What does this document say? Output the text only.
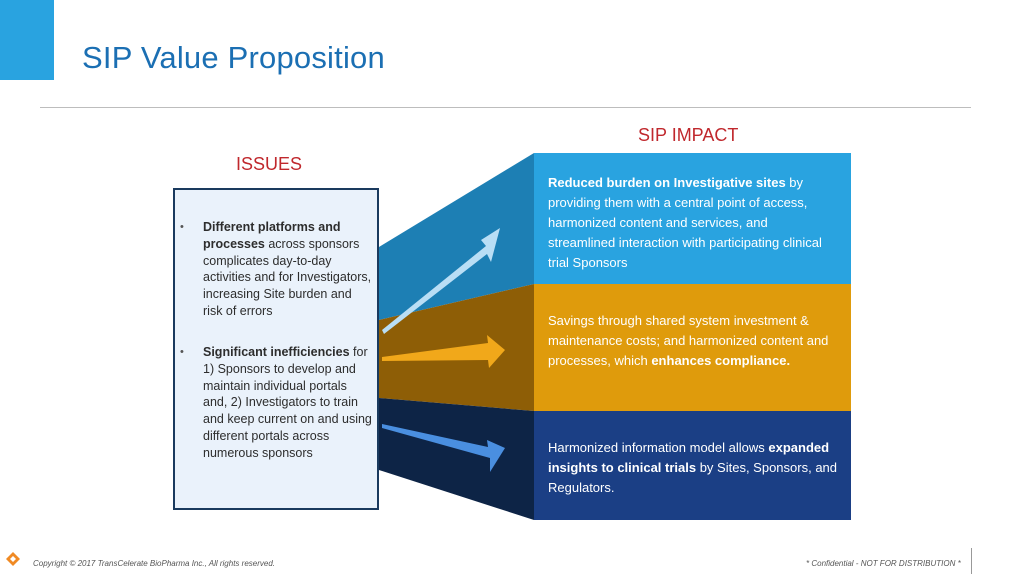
SIP Value Proposition
SIP IMPACT
ISSUES
• Different platforms and processes across sponsors complicates day-to-day activities and for Investigators, increasing Site burden and risk of errors
• Significant inefficiencies for 1) Sponsors to develop and maintain individual portals and, 2) Investigators to train and keep current on and using different portals across numerous sponsors
Reduced burden on Investigative sites by providing them with a central point of access, harmonized content and services, and streamlined interaction with participating clinical trial Sponsors
Savings through shared system investment & maintenance costs; and harmonized content and processes, which enhances compliance.
Harmonized information model allows expanded insights to clinical trials by Sites, Sponsors, and Regulators.
Copyright © 2017 TransCelerate BioPharma Inc., All rights reserved.	* Confidential - NOT FOR DISTRIBUTION *
